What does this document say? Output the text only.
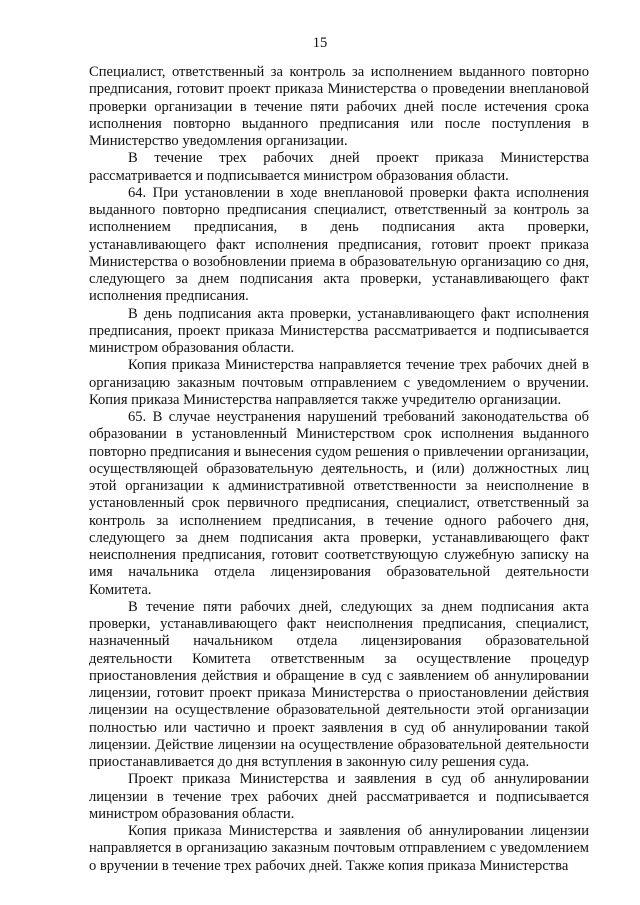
15

Специалист, ответственный за контроль за исполнением выданного повторно предписания, готовит проект приказа Министерства о проведении внеплановой проверки организации в течение пяти рабочих дней после истечения срока исполнения повторно выданного предписания или после поступления в Министерство уведомления организации.

В течение трех рабочих дней проект приказа Министерства рассматривается и подписывается министром образования области.

64. При установлении в ходе внеплановой проверки факта исполнения выданного повторно предписания специалист, ответственный за контроль за исполнением предписания, в день подписания акта проверки, устанавливающего факт исполнения предписания, готовит проект приказа Министерства о возобновлении приема в образовательную организацию со дня, следующего за днем подписания акта проверки, устанавливающего факт исполнения предписания.

В день подписания акта проверки, устанавливающего факт исполнения предписания, проект приказа Министерства рассматривается и подписывается министром образования области.

Копия приказа Министерства направляется течение трех рабочих дней в организацию заказным почтовым отправлением с уведомлением о вручении. Копия приказа Министерства направляется также учредителю организации.

65. В случае неустранения нарушений требований законодательства об образовании в установленный Министерством срок исполнения выданного повторно предписания и вынесения судом решения о привлечении организации, осуществляющей образовательную деятельность, и (или) должностных лиц этой организации к административной ответственности за неисполнение в установленный срок первичного предписания, специалист, ответственный за контроль за исполнением предписания, в течение одного рабочего дня, следующего за днем подписания акта проверки, устанавливающего факт неисполнения предписания, готовит соответствующую служебную записку на имя начальника отдела лицензирования образовательной деятельности Комитета.

В течение пяти рабочих дней, следующих за днем подписания акта проверки, устанавливающего факт неисполнения предписания, специалист, назначенный начальником отдела лицензирования образовательной деятельности Комитета ответственным за осуществление процедур приостановления действия и обращение в суд с заявлением об аннулировании лицензии, готовит проект приказа Министерства о приостановлении действия лицензии на осуществление образовательной деятельности этой организации полностью или частично и проект заявления в суд об аннулировании такой лицензии. Действие лицензии на осуществление образовательной деятельности приостанавливается до дня вступления в законную силу решения суда.

Проект приказа Министерства и заявления в суд об аннулировании лицензии в течение трех рабочих дней рассматривается и подписывается министром образования области.

Копия приказа Министерства и заявления об аннулировании лицензии направляется в организацию заказным почтовым отправлением с уведомлением о вручении в течение трех рабочих дней. Также копия приказа Министерства
